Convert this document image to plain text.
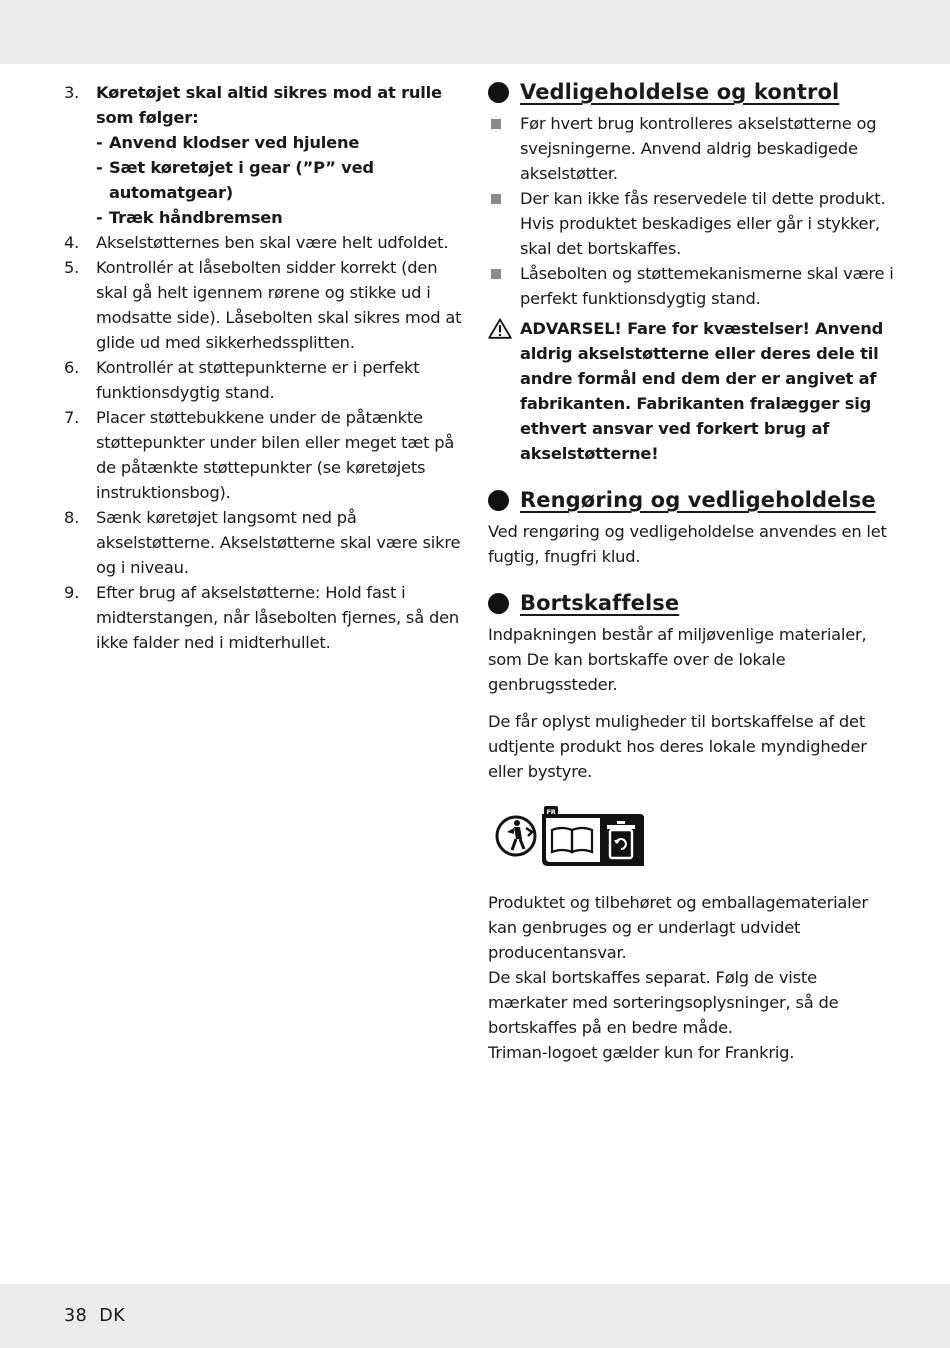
3.	Køretøjet skal altid sikres mod at rulle som følger:
- Anvend klodser ved hjulene
- Sæt køretøjet i gear (”P” ved automatgear)
- Træk håndbremsen
4.	Akselstøtternes ben skal være helt udfoldet.
5.	Kontrollér at låsebolten sidder korrekt (den skal gå helt igennem rørene og stikke ud i modsatte side). Låsebolten skal sikres mod at glide ud med sikkerhedssplitten.
6.	Kontrollér at støttepunkterne er i perfekt funktionsdygtig stand.
7.	Placer støttebukkene under de påtænkte støttepunkter under bilen eller meget tæt på de påtænkte støttepunkter (se køretøjets instruktionsbog).
8.	Sænk køretøjet langsomt ned på akselstøtterne. Akselstøtterne skal være sikre og i niveau.
9.	Efter brug af akselstøtterne: Hold fast i midterstangen, når låsebolten fjernes, så den ikke falder ned i midterhullet.
Vedligeholdelse og kontrol
Før hvert brug kontrolleres akselstøtterne og svejsningerne. Anvend aldrig beskadigede akselstøtter.
Der kan ikke fås reservedele til dette produkt. Hvis produktet beskadiges eller går i stykker, skal det bortskaffes.
Låsebolten og støttemekanismerne skal være i perfekt funktionsdygtig stand.
ADVARSEL! Fare for kvæstelser! Anvend aldrig akselstøtterne eller deres dele til andre formål end dem der er angivet af fabrikanten. Fabrikanten fralægger sig ethvert ansvar ved forkert brug af akselstøtterne!
Rengøring og vedligeholdelse
Ved rengøring og vedligeholdelse anvendes en let fugtig, fnugfri klud.
Bortskaffelse
Indpakningen består af miljøvenlige materialer, som De kan bortskaffe over de lokale genbrugssteder.
De får oplyst muligheder til bortskaffelse af det udtjente produkt hos deres lokale myndigheder eller bystyre.
FR
Produktet og tilbehøret og emballagematerialer kan genbruges og er underlagt udvidet producentansvar.
De skal bortskaffes separat. Følg de viste mærkater med sorteringsoplysninger, så de bortskaffes på en bedre måde.
Triman-logoet gælder kun for Frankrig.
38 DK
